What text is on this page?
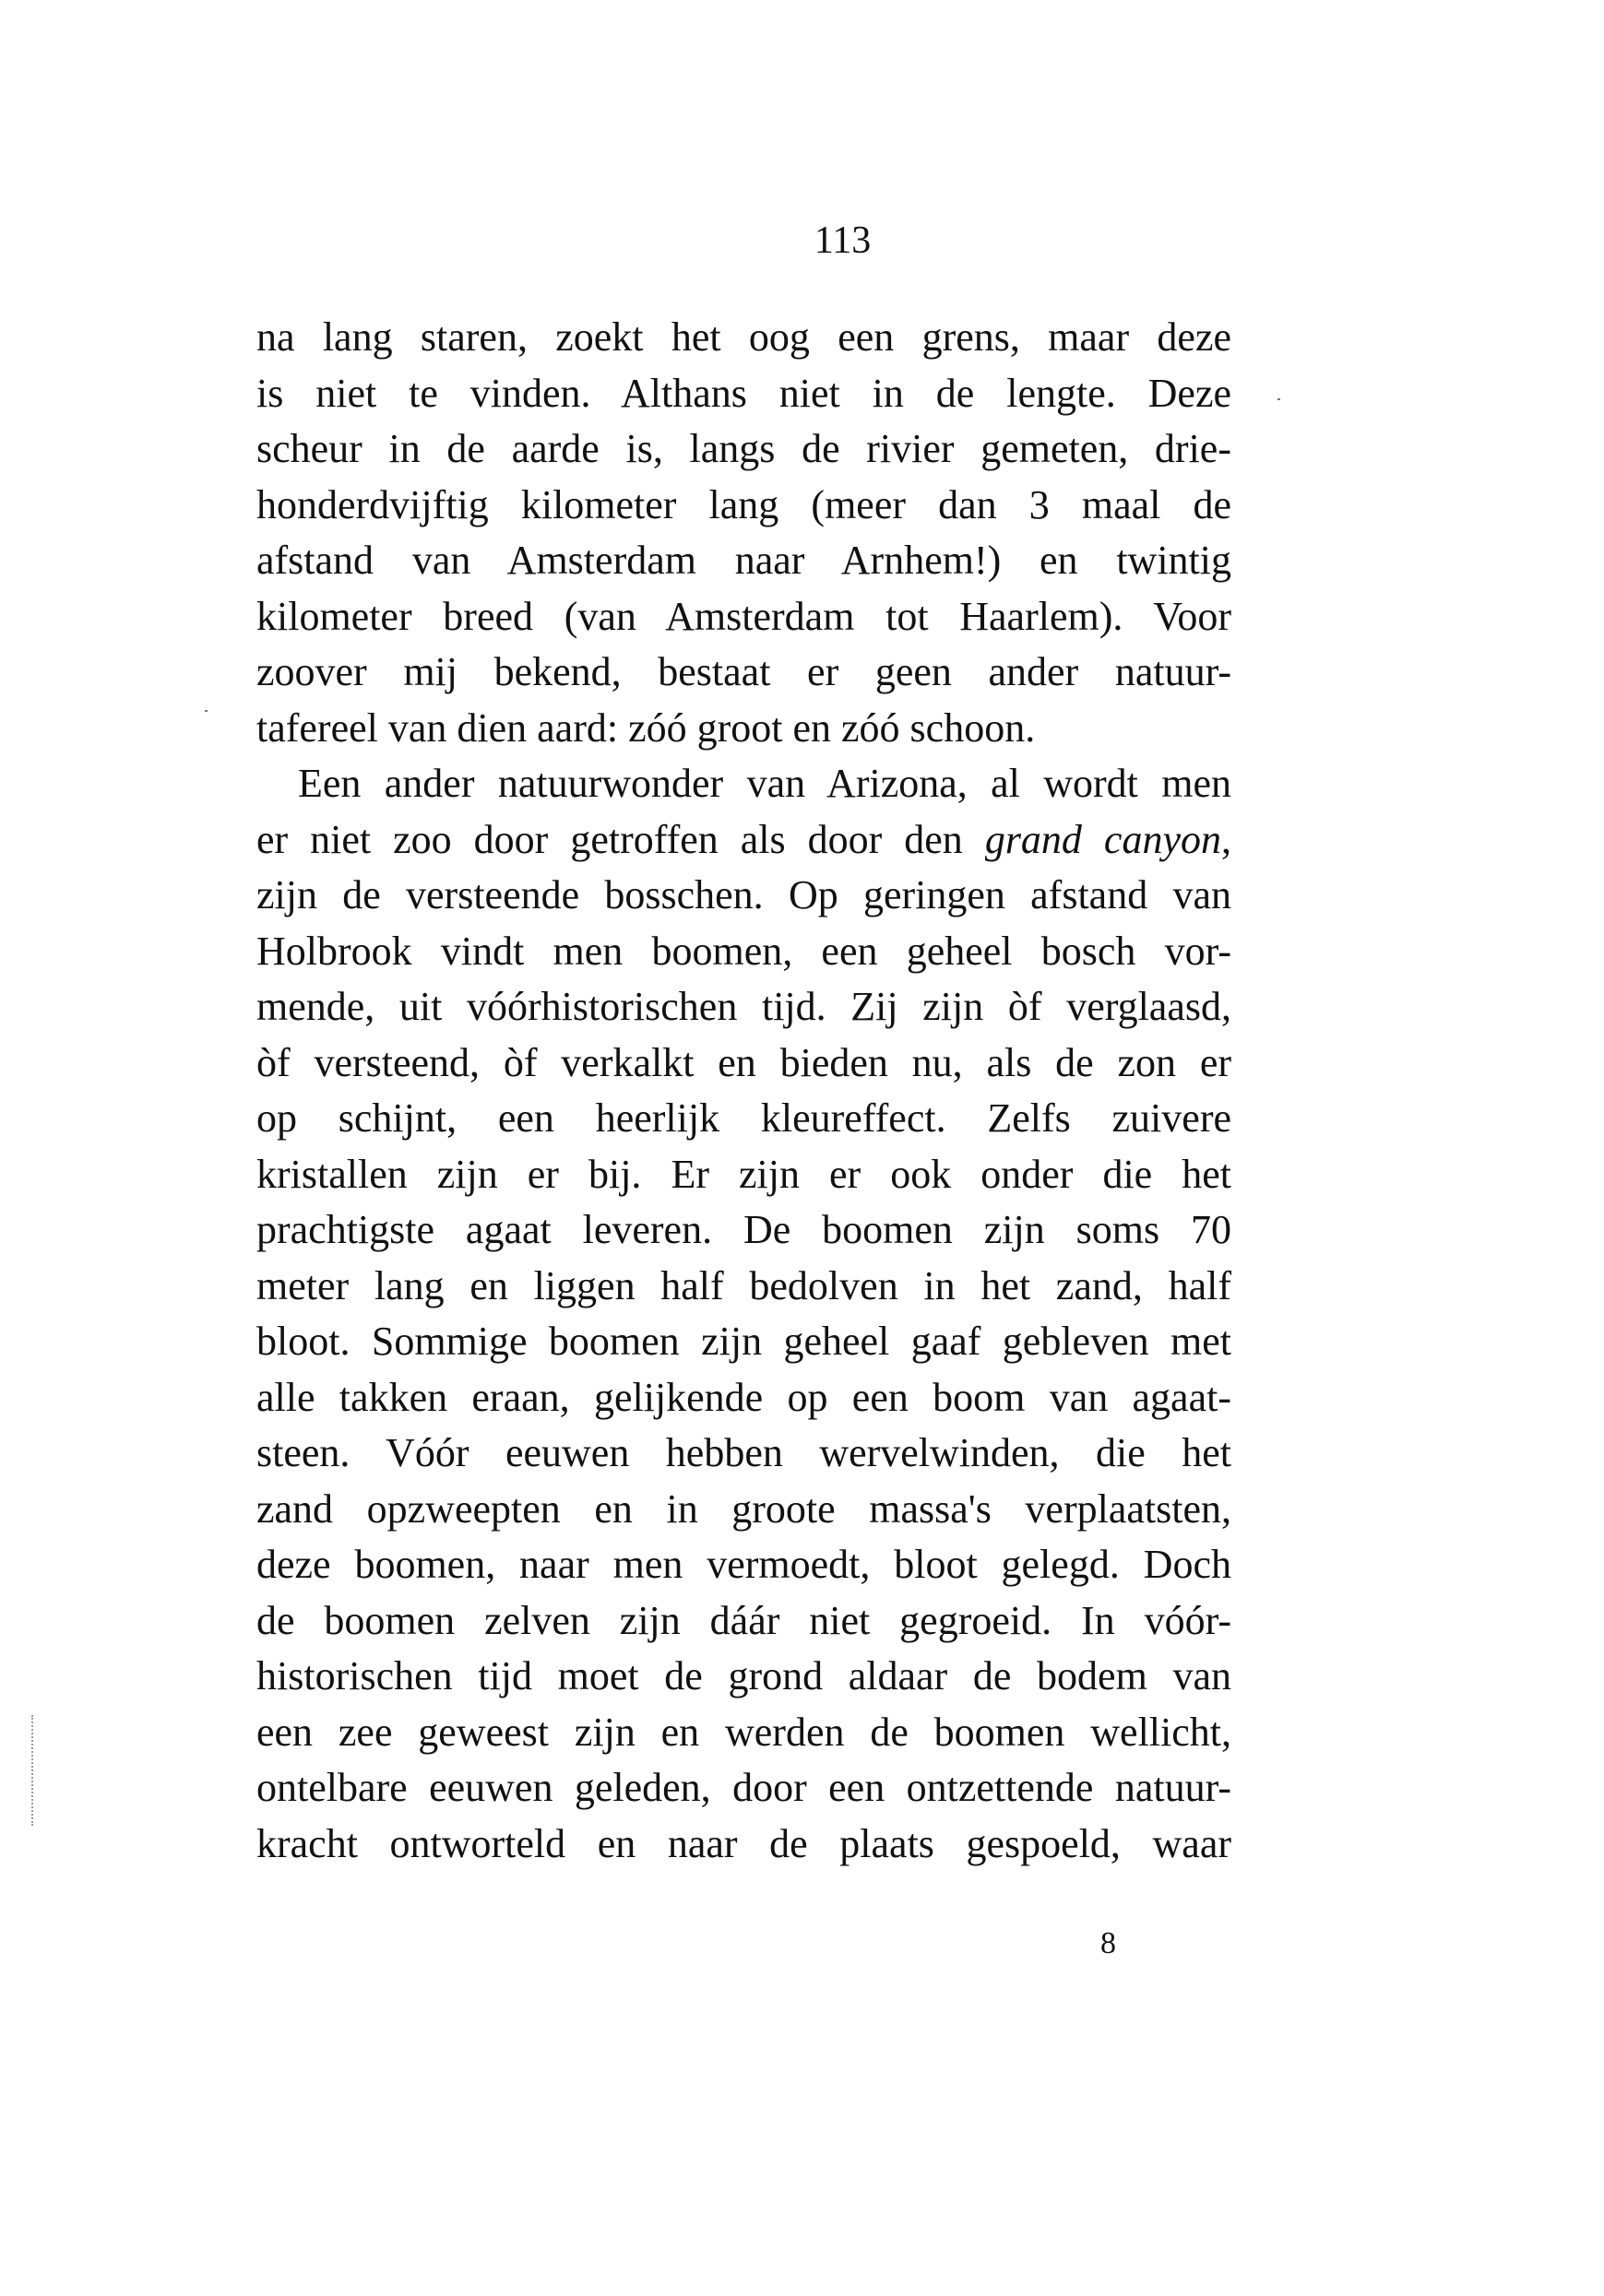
113
na lang staren, zoekt het oog een grens, maar deze
is niet te vinden. Althans niet in de lengte. Deze
scheur in de aarde is, langs de rivier gemeten, drie-
honderdvijftig kilometer lang (meer dan 3 maal de
afstand van Amsterdam naar Arnhem!) en twintig
kilometer breed (van Amsterdam tot Haarlem). Voor
zoover mij bekend, bestaat er geen ander natuur-
tafereel van dien aard: zóó groot en zóó schoon.
Een ander natuurwonder van Arizona, al wordt men
er niet zoo door getroffen als door den grand canyon,
zijn de versteende bosschen. Op geringen afstand van
Holbrook vindt men boomen, een geheel bosch vor-
mende, uit vóórhistorischen tijd. Zij zijn òf verglaasd,
òf versteend, òf verkalkt en bieden nu, als de zon er
op schijnt, een heerlijk kleureffect. Zelfs zuivere
kristallen zijn er bij. Er zijn er ook onder die het
prachtigste agaat leveren. De boomen zijn soms 70
meter lang en liggen half bedolven in het zand, half
bloot. Sommige boomen zijn geheel gaaf gebleven met
alle takken eraan, gelijkende op een boom van agaat-
steen. Vóór eeuwen hebben wervelwinden, die het
zand opzweepten en in groote massa's verplaatsten,
deze boomen, naar men vermoedt, bloot gelegd. Doch
de boomen zelven zijn dáár niet gegroeid. In vóór-
historischen tijd moet de grond aldaar de bodem van
een zee geweest zijn en werden de boomen wellicht,
ontelbare eeuwen geleden, door een ontzettende natuur-
kracht ontworteld en naar de plaats gespoeld, waar
8
